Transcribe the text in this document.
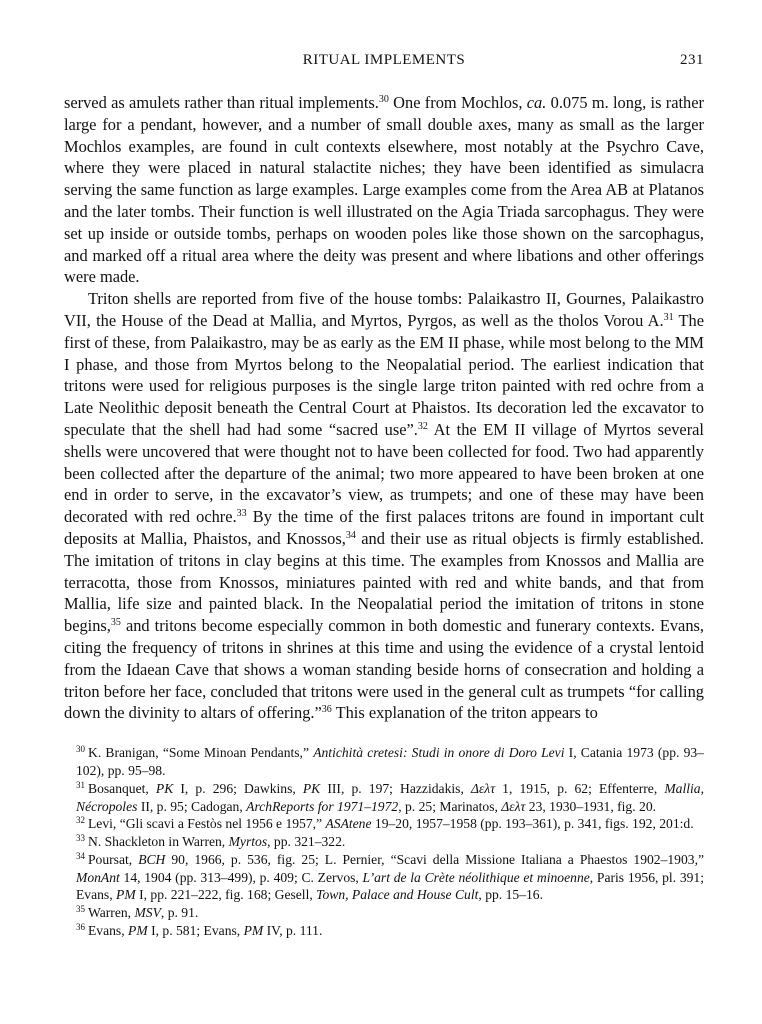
RITUAL IMPLEMENTS	231

served as amulets rather than ritual implements.$^{30}$ One from Mochlos, ca. 0.075 m. long, is rather large for a pendant, however, and a number of small double axes, many as small as the larger Mochlos examples, are found in cult contexts elsewhere, most notably at the Psychro Cave, where they were placed in natural stalactite niches; they have been identified as simulacra serving the same function as large examples. Large examples come from the Area AB at Platanos and the later tombs. Their function is well illustrated on the Agia Triada sarcophagus. They were set up inside or outside tombs, perhaps on wooden poles like those shown on the sarcophagus, and marked off a ritual area where the deity was present and where libations and other offerings were made.

Triton shells are reported from five of the house tombs: Palaikastro II, Gournes, Palaikastro VII, the House of the Dead at Mallia, and Myrtos, Pyrgos, as well as the tholos Vorou A.$^{31}$ The first of these, from Palaikastro, may be as early as the EM II phase, while most belong to the MM I phase, and those from Myrtos belong to the Neopalatial period. The earliest indication that tritons were used for religious purposes is the single large triton painted with red ochre from a Late Neolithic deposit beneath the Central Court at Phaistos. Its decoration led the excavator to speculate that the shell had had some “sacred use”.$^{32}$ At the EM II village of Myrtos several shells were uncovered that were thought not to have been collected for food. Two had apparently been collected after the departure of the animal; two more appeared to have been broken at one end in order to serve, in the excavator’s view, as trumpets; and one of these may have been decorated with red ochre.$^{33}$ By the time of the first palaces tritons are found in important cult deposits at Mallia, Phaistos, and Knossos,$^{34}$ and their use as ritual objects is firmly established. The imitation of tritons in clay begins at this time. The examples from Knossos and Mallia are terracotta, those from Knossos, miniatures painted with red and white bands, and that from Mallia, life size and painted black. In the Neopalatial period the imitation of tritons in stone begins,$^{35}$ and tritons become especially common in both domestic and funerary contexts. Evans, citing the frequency of tritons in shrines at this time and using the evidence of a crystal lentoid from the Idaean Cave that shows a woman standing beside horns of consecration and holding a triton before her face, concluded that tritons were used in the general cult as trumpets “for calling down the divinity to altars of offering.”$^{36}$ This explanation of the triton appears to

$^{30}$ K. Branigan, “Some Minoan Pendants,” Antichità cretesi: Studi in onore di Doro Levi I, Catania 1973 (pp. 93–102), pp. 95–98.

$^{31}$ Bosanquet, PK I, p. 296; Dawkins, PK III, p. 197; Hazzidakis, Δελτ 1, 1915, p. 62; Effenterre, Mallia, Nécropoles II, p. 95; Cadogan, ArchReports for 1971–1972, p. 25; Marinatos, Δελτ 23, 1930–1931, fig. 20.

$^{32}$ Levi, “Gli scavi a Festòs nel 1956 e 1957,” ASAtene 19–20, 1957–1958 (pp. 193–361), p. 341, figs. 192, 201:d.

$^{33}$ N. Shackleton in Warren, Myrtos, pp. 321–322.

$^{34}$ Poursat, BCH 90, 1966, p. 536, fig. 25; L. Pernier, “Scavi della Missione Italiana a Phaestos 1902–1903,” MonAnt 14, 1904 (pp. 313–499), p. 409; C. Zervos, L’art de la Crète néolithique et minoenne, Paris 1956, pl. 391; Evans, PM I, pp. 221–222, fig. 168; Gesell, Town, Palace and House Cult, pp. 15–16.

$^{35}$ Warren, MSV, p. 91.

$^{36}$ Evans, PM I, p. 581; Evans, PM IV, p. 111.
